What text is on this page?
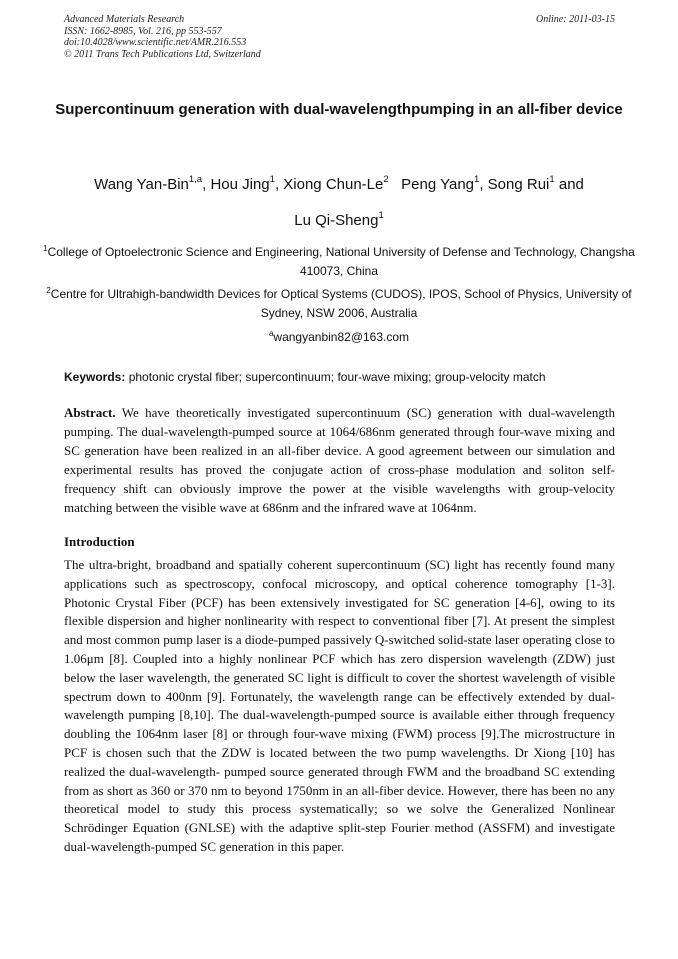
Advanced Materials Research
ISSN: 1662-8985, Vol. 216, pp 553-557
doi:10.4028/www.scientific.net/AMR.216.553
© 2011 Trans Tech Publications Ltd, Switzerland
Online: 2011-03-15
Supercontinuum generation with dual-wavelengthpumping in an all-fiber device
Wang Yan-Bin$^{1,a}$, Hou Jing$^1$, Xiong Chun-Le$^2$ Peng Yang$^1$, Song Rui$^1$ and
Lu Qi-Sheng$^1$
$^1$College of Optoelectronic Science and Engineering, National University of Defense and Technology, Changsha 410073, China
$^2$Centre for Ultrahigh-bandwidth Devices for Optical Systems (CUDOS), IPOS, School of Physics, University of Sydney, NSW 2006, Australia
$^a$wangyanbin82@163.com
Keywords: photonic crystal fiber; supercontinuum; four-wave mixing; group-velocity match
Abstract. We have theoretically investigated supercontinuum (SC) generation with dual-wavelength pumping. The dual-wavelength-pumped source at 1064/686nm generated through four-wave mixing and SC generation have been realized in an all-fiber device. A good agreement between our simulation and experimental results has proved the conjugate action of cross-phase modulation and soliton self-frequency shift can obviously improve the power at the visible wavelengths with group-velocity matching between the visible wave at 686nm and the infrared wave at 1064nm.
Introduction
The ultra-bright, broadband and spatially coherent supercontinuum (SC) light has recently found many applications such as spectroscopy, confocal microscopy, and optical coherence tomography [1-3]. Photonic Crystal Fiber (PCF) has been extensively investigated for SC generation [4-6], owing to its flexible dispersion and higher nonlinearity with respect to conventional fiber [7]. At present the simplest and most common pump laser is a diode-pumped passively Q-switched solid-state laser operating close to 1.06μm [8]. Coupled into a highly nonlinear PCF which has zero dispersion wavelength (ZDW) just below the laser wavelength, the generated SC light is difficult to cover the shortest wavelength of visible spectrum down to 400nm [9]. Fortunately, the wavelength range can be effectively extended by dual-wavelength pumping [8,10]. The dual-wavelength-pumped source is available either through frequency doubling the 1064nm laser [8] or through four-wave mixing (FWM) process [9].The microstructure in PCF is chosen such that the ZDW is located between the two pump wavelengths. Dr Xiong [10] has realized the dual-wavelength- pumped source generated through FWM and the broadband SC extending from as short as 360 or 370 nm to beyond 1750nm in an all-fiber device. However, there has been no any theoretical model to study this process systematically; so we solve the Generalized Nonlinear Schrödinger Equation (GNLSE) with the adaptive split-step Fourier method (ASSFM) and investigate dual-wavelength-pumped SC generation in this paper.
